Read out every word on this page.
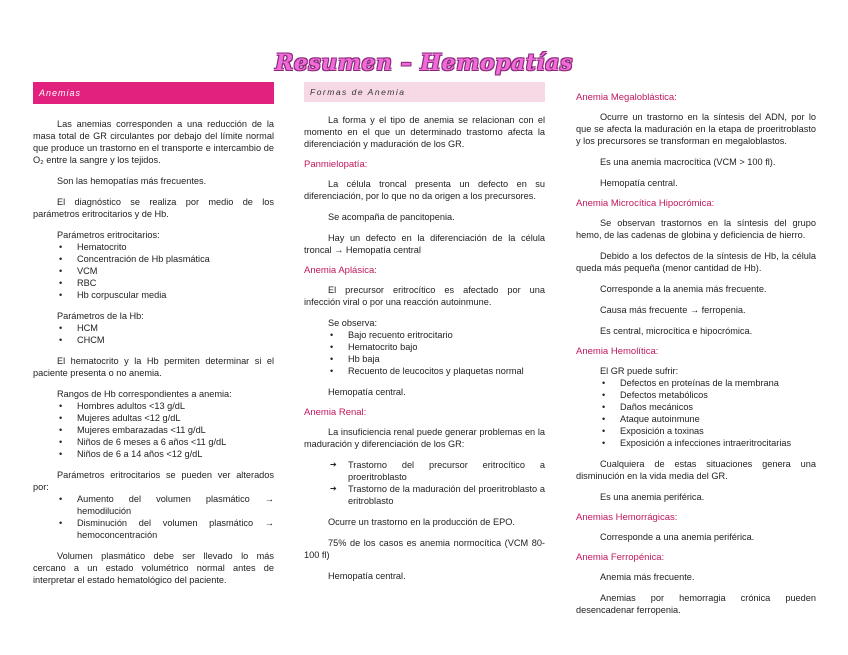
Resumen – Hemopatías
Anemias

Las anemias corresponden a una reducción de la masa total de GR circulantes por debajo del límite normal que produce un trastorno en el transporte e intercambio de O₂ entre la sangre y los tejidos.

Son las hemopatías más frecuentes.

El diagnóstico se realiza por medio de los parámetros eritrocitarios y de Hb.

Parámetros eritrocitarios:

• Hematocrito
• Concentración de Hb plasmática
• VCM
• RBC
• Hb corpuscular media

Parámetros de la Hb:

• HCM
• CHCM

El hematocrito y la Hb permiten determinar si el paciente presenta o no anemia.

Rangos de Hb correspondientes a anemia:

• Hombres adultos <13 g/dL
• Mujeres adultas <12 g/dL
• Mujeres embarazadas <11 g/dL
• Niños de 6 meses a 6 años <11 g/dL
• Niños de 6 a 14 años <12 g/dL

Parámetros eritrocitarios se pueden ver alterados por:

• Aumento del volumen plasmático → hemodilución
• Disminución del volumen plasmático → hemoconcentración

Volumen plasmático debe ser llevado lo más cercano a un estado volumétrico normal antes de interpretar el estado hematológico del paciente.

Formas de Anemia

La forma y el tipo de anemia se relacionan con el momento en el que un determinado trastorno afecta la diferenciación y maduración de los GR.

Panmielopatía:

La célula troncal presenta un defecto en su diferenciación, por lo que no da origen a los precursores.

Se acompaña de pancitopenia.

Hay un defecto en la diferenciación de la célula troncal → Hemopatía central

Anemia Aplásica:

El precursor eritrocítico es afectado por una infección viral o por una reacción autoinmune.

Se observa:

• Bajo recuento eritrocitario
• Hematocrito bajo
• Hb baja
• Recuento de leucocitos y plaquetas normal

Hemopatía central.

Anemia Renal:

La insuficiencia renal puede generar problemas en la maduración y diferenciación de los GR:

➔ Trastorno del precursor eritrocítico a proeritroblasto
➔ Trastorno de la maduración del proeritroblasto a eritroblasto

Ocurre un trastorno en la producción de EPO.

75% de los casos es anemia normocítica (VCM 80-100 fl)

Hemopatía central.

Anemia Megaloblástica:

Ocurre un trastorno en la síntesis del ADN, por lo que se afecta la maduración en la etapa de proeritroblasto y los precursores se transforman en megaloblastos.

Es una anemia macrocítica (VCM > 100 fl).

Hemopatía central.

Anemia Microcítica Hipocrómica:

Se observan trastornos en la síntesis del grupo hemo, de las cadenas de globina y deficiencia de hierro.

Debido a los defectos de la síntesis de Hb, la célula queda más pequeña (menor cantidad de Hb).

Corresponde a la anemia más frecuente.

Causa más frecuente → ferropenia.

Es central, microcítica e hipocrómica.

Anemia Hemolítica:

El GR puede sufrir:

• Defectos en proteínas de la membrana
• Defectos metabólicos
• Daños mecánicos
• Ataque autoinmune
• Exposición a toxinas
• Exposición a infecciones intraeritrocitarias

Cualquiera de estas situaciones genera una disminución en la vida media del GR.

Es una anemia periférica.

Anemias Hemorrágicas:

Corresponde a una anemia periférica.

Anemia Ferropénica:

Anemia más frecuente.

Anemias por hemorragia crónica pueden desencadenar ferropenia.
